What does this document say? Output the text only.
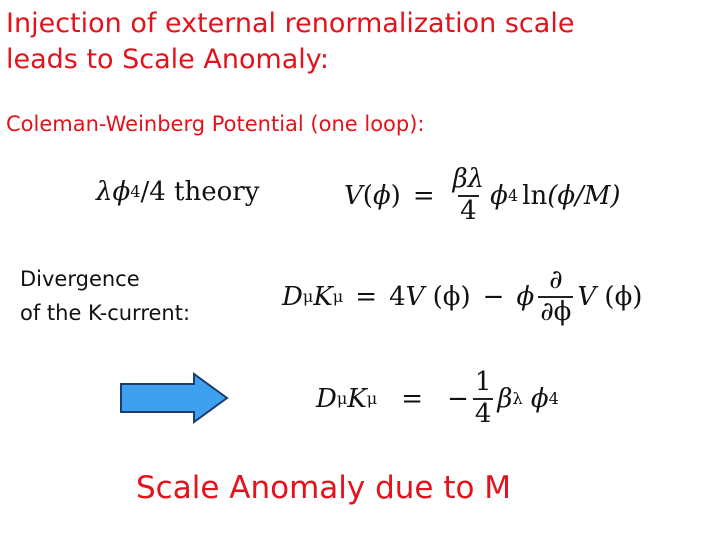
Injection of external renormalization scale
leads to Scale Anomaly:
Coleman-Weinberg Potential (one loop):
λ ϕ 4 /4
theory	V ( ϕ ) = $\frac{\beta\lambda}{4}$ ϕ 4 ln (ϕ/M)
Divergence
of the K-current:
D μ K μ = 4 V
(ϕ) − ϕ $\frac{\partial}{\partial\phi}$ V
(ϕ)
D μ K μ = − $\frac{1}{4}$ β λ
ϕ 4
Scale Anomaly due to M
